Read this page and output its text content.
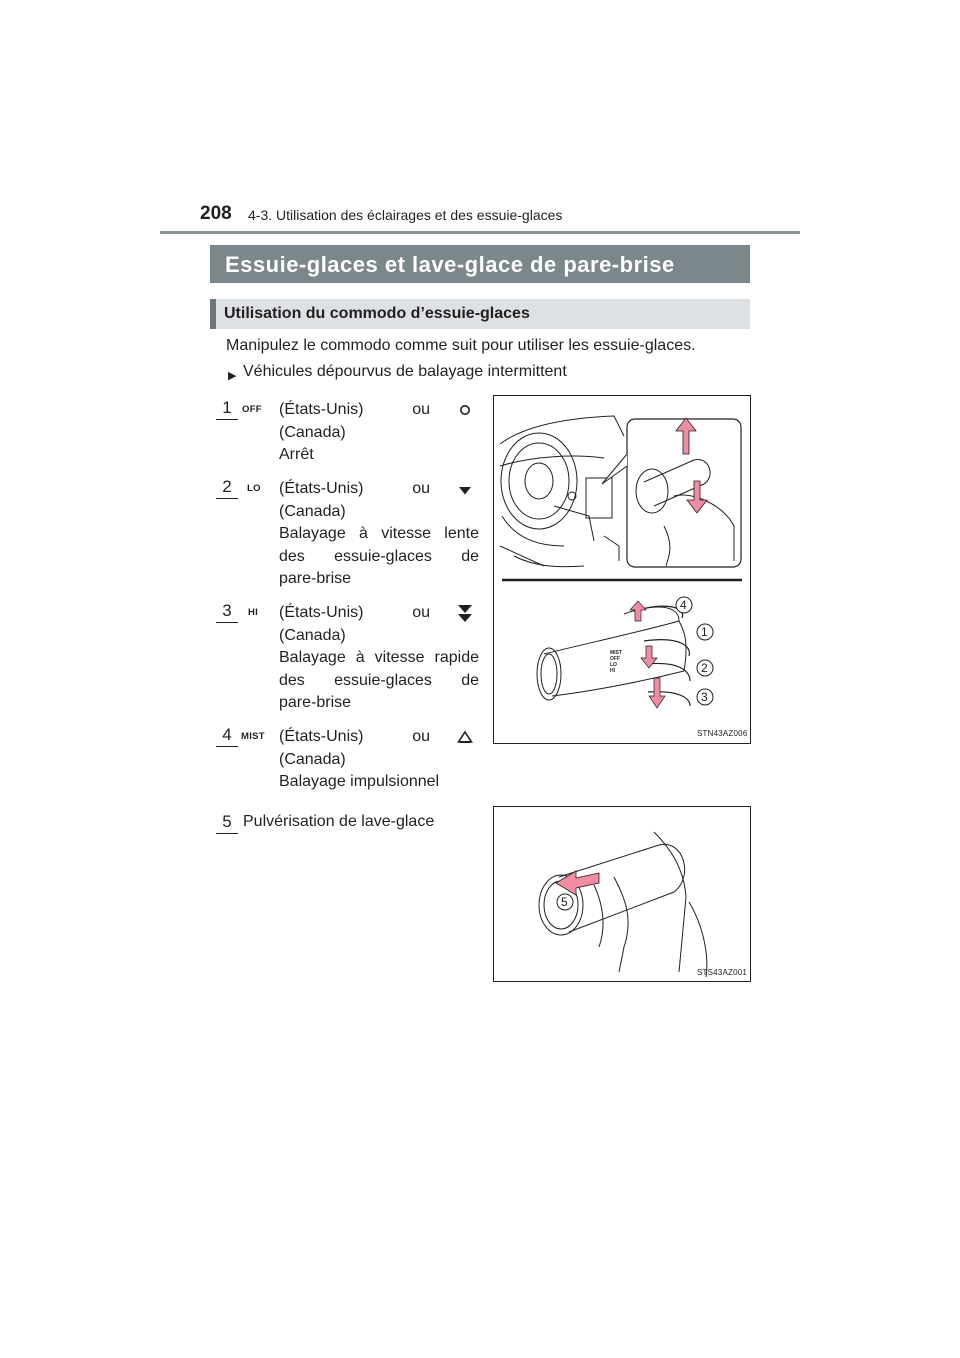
208 4-3. Utilisation des éclairages et des essuie-glaces
Essuie-glaces et lave-glace de pare-brise
Utilisation du commodo d’essuie-glaces
Manipulez le commodo comme suit pour utiliser les essuie-glaces.
▶ Véhicules dépourvus de balayage intermittent
1	OFF (États-Unis)	ou
(Canada)
Arrêt
2	LO (États-Unis)	ou
(Canada)
Balayage à vitesse lente
des essuie-glaces de
pare-brise
3	HI (États-Unis)	ou
(Canada)
Balayage à vitesse rapide
des essuie-glaces de
pare-brise
4 MIST (États-Unis)	ou
(Canada)
Balayage impulsionnel
5 Pulvérisation de lave-glace
MIST
OFF
LO
HI
4
1
2
3
STN43AZ006
5
STS43AZ001
